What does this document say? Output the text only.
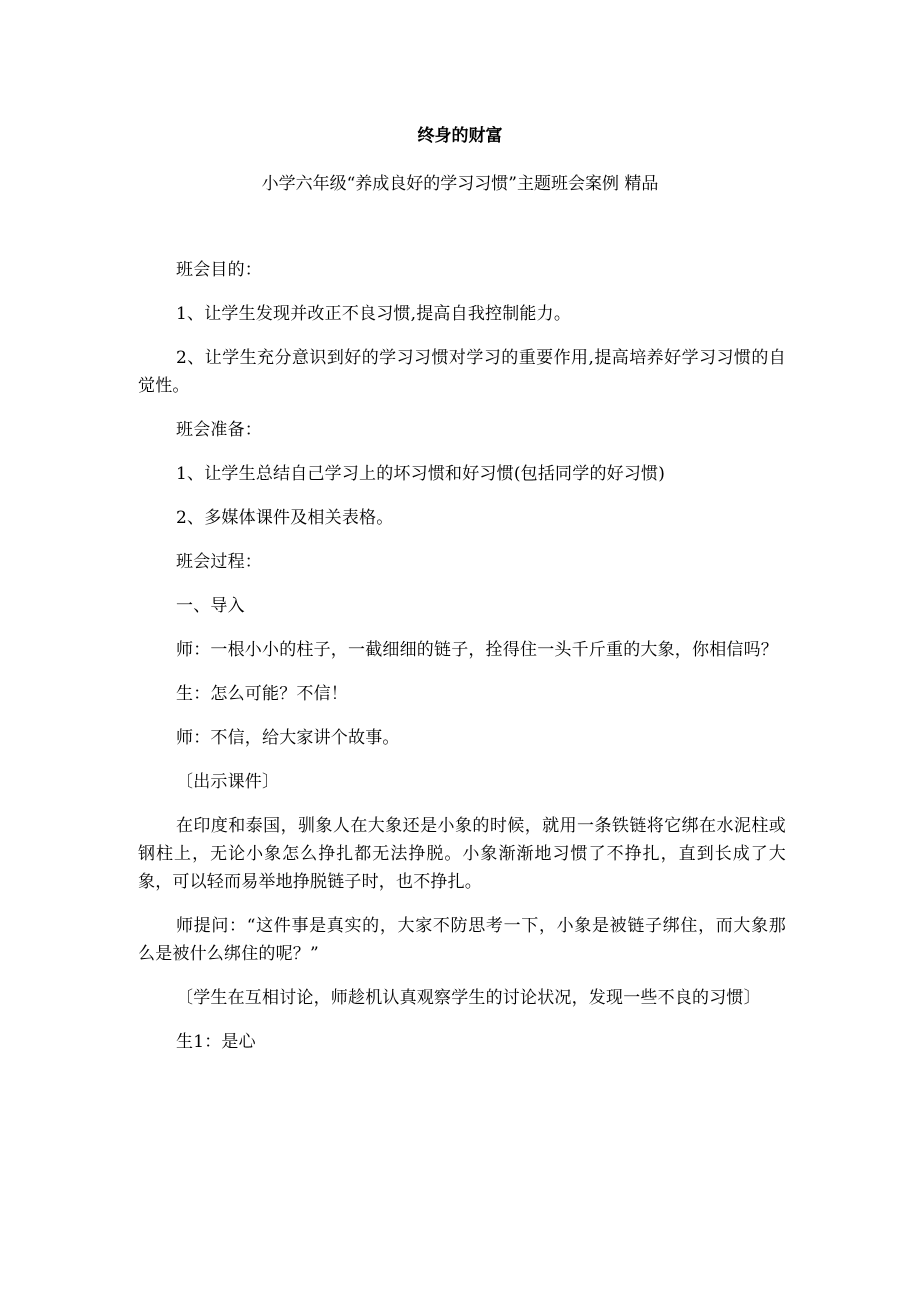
终身的财富
小学六年级“养成良好的学习习惯”主题班会案例 精品

班会目的：

1、让学生发现并改正不良习惯,提高自我控制能力。

2、让学生充分意识到好的学习习惯对学习的重要作用,提高培养好学习习惯的自觉性。

班会准备：

1、让学生总结自己学习上的坏习惯和好习惯(包括同学的好习惯)

2、多媒体课件及相关表格。

班会过程：

一、导入

师：一根小小的柱子，一截细细的链子，拴得住一头千斤重的大象，你相信吗？

生：怎么可能？不信！

师：不信，给大家讲个故事。

〔出示课件〕

在印度和泰国，驯象人在大象还是小象的时候，就用一条铁链将它绑在水泥柱或钢柱上，无论小象怎么挣扎都无法挣脱。小象渐渐地习惯了不挣扎，直到长成了大象，可以轻而易举地挣脱链子时，也不挣扎。

师提问：“这件事是真实的，大家不防思考一下，小象是被链子绑住，而大象那么是被什么绑住的呢？”

〔学生在互相讨论，师趁机认真观察学生的讨论状况，发现一些不良的习惯〕

生1：是心
